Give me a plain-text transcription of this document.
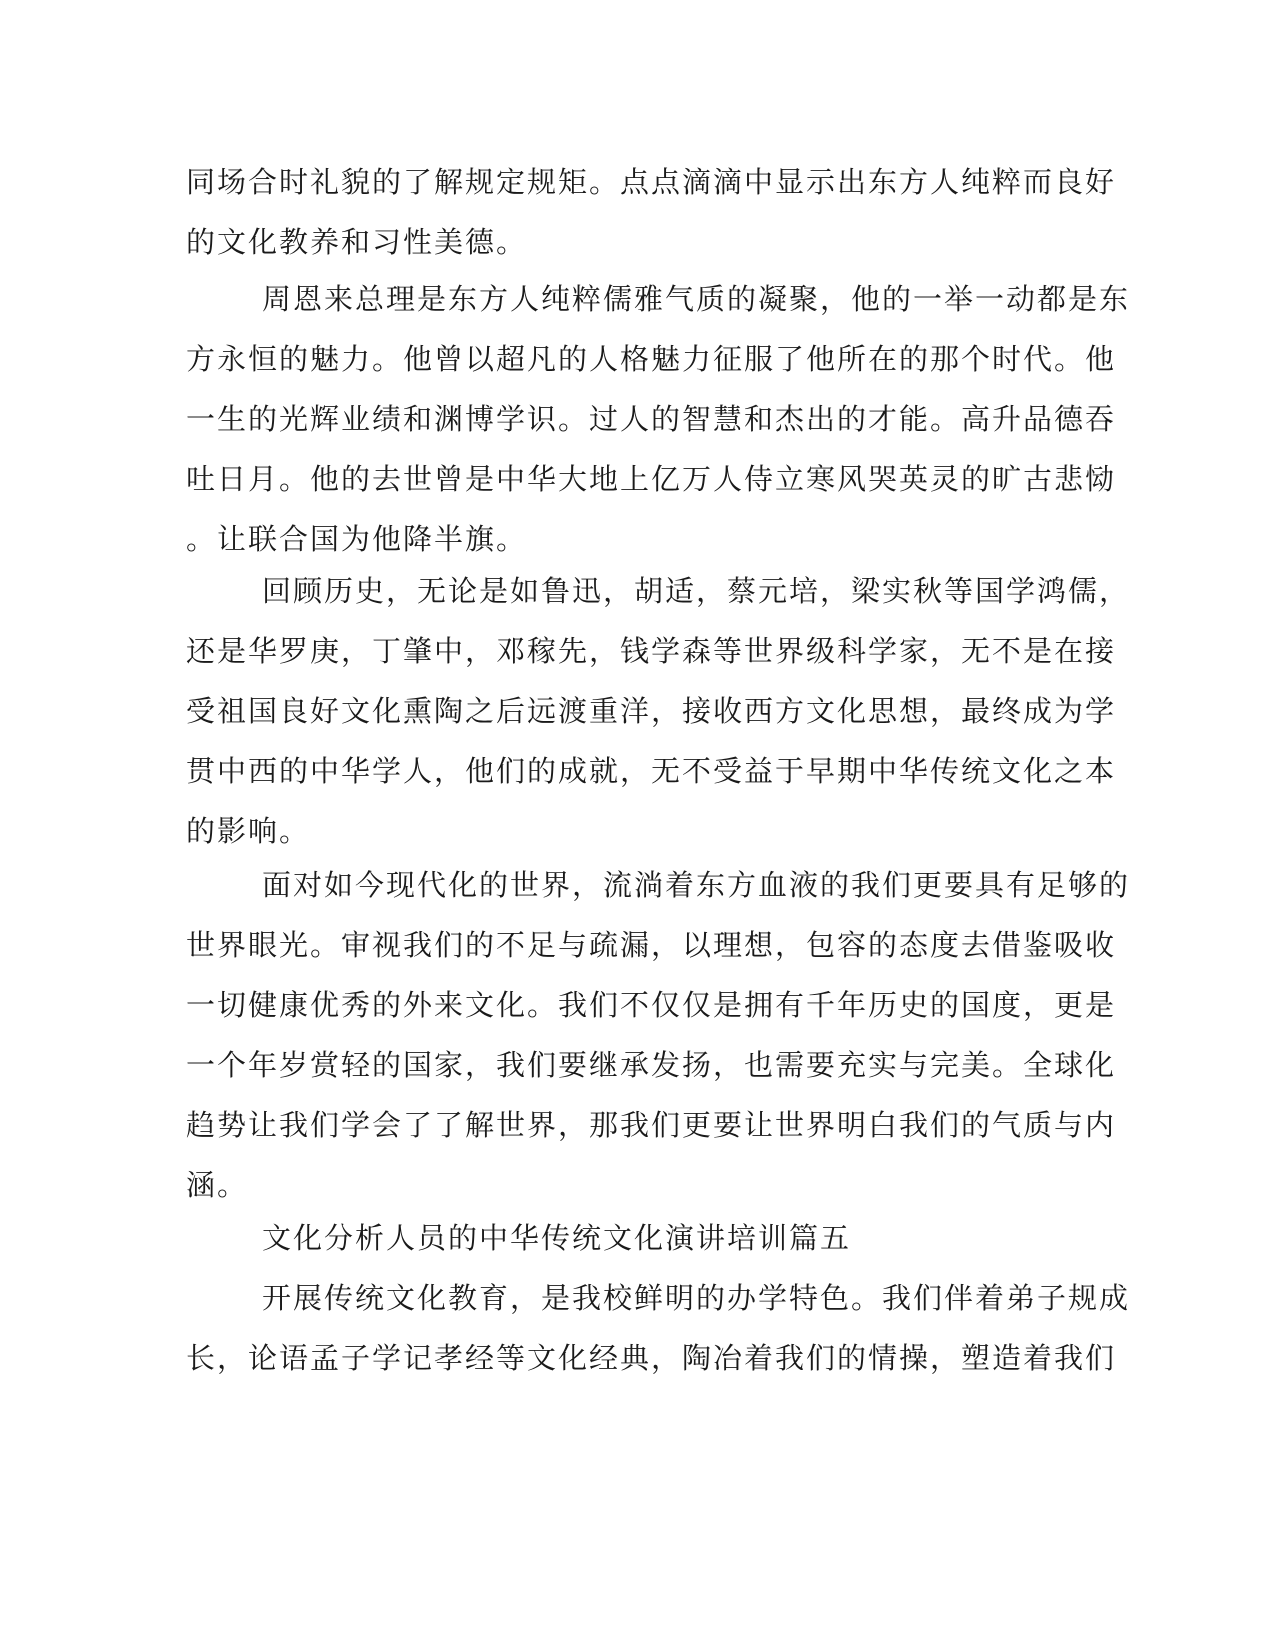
同场合时礼貌的了解规定规矩。点点滴滴中显示出东方人纯粹而良好
的文化教养和习性美德。
周恩来总理是东方人纯粹儒雅气质的凝聚，他的一举一动都是东
方永恒的魅力。他曾以超凡的人格魅力征服了他所在的那个时代。他
一生的光辉业绩和渊博学识。过人的智慧和杰出的才能。高升品德吞
吐日月。他的去世曾是中华大地上亿万人侍立寒风哭英灵的旷古悲恸
。让联合国为他降半旗。
回顾历史，无论是如鲁迅，胡适，蔡元培，梁实秋等国学鸿儒，
还是华罗庚，丁肇中，邓稼先，钱学森等世界级科学家，无不是在接
受祖国良好文化熏陶之后远渡重洋，接收西方文化思想，最终成为学
贯中西的中华学人，他们的成就，无不受益于早期中华传统文化之本
的影响。
面对如今现代化的世界，流淌着东方血液的我们更要具有足够的
世界眼光。审视我们的不足与疏漏，以理想，包容的态度去借鉴吸收
一切健康优秀的外来文化。我们不仅仅是拥有千年历史的国度，更是
一个年岁赏轻的国家，我们要继承发扬，也需要充实与完美。全球化
趋势让我们学会了了解世界，那我们更要让世界明白我们的气质与内
涵。
文化分析人员的中华传统文化演讲培训篇五
开展传统文化教育，是我校鲜明的办学特色。我们伴着弟子规成
长，论语孟子学记孝经等文化经典，陶冶着我们的情操，塑造着我们
